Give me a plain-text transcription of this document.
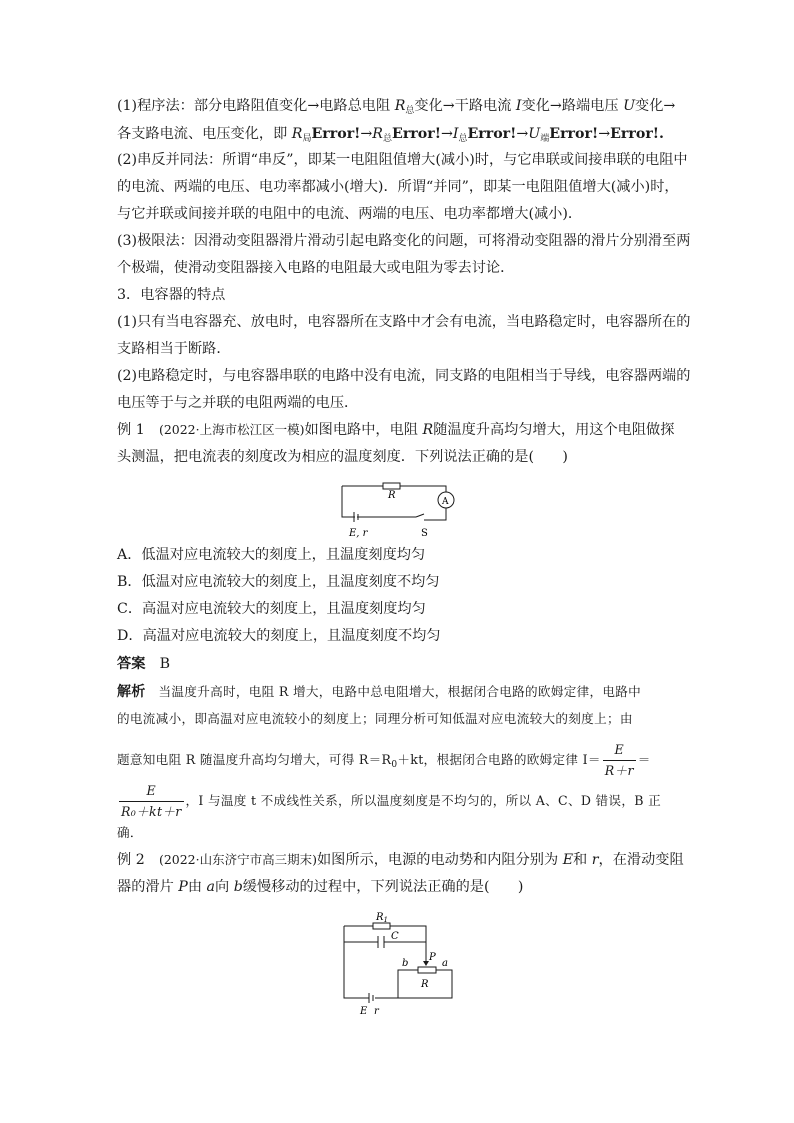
(1)程序法：部分电路阻值变化→电路总电阻 $R_总$变化→干路电流 I变化→路端电压 U变化→
各支路电流、电压变化，即 $R_局Error!\to R_总Error!\to I_总Error!\to U_端Error!\to Error$!.
(2)串反并同法：所谓“串反”，即某一电阻阻值增大(减小)时，与它串联或间接串联的电阻中
的电流、两端的电压、电功率都减小(增大)．所谓“并同”，即某一电阻阻值增大(减小)时，
与它并联或间接并联的电阻中的电流、两端的电压、电功率都增大(减小)．
(3)极限法：因滑动变阻器滑片滑动引起电路变化的问题，可将滑动变阻器的滑片分别滑至两
个极端，使滑动变阻器接入电路的电阻最大或电阻为零去讨论．
3．电容器的特点
(1)只有当电容器充、放电时，电容器所在支路中才会有电流，当电路稳定时，电容器所在的
支路相当于断路．
(2)电路稳定时，与电容器串联的电路中没有电流，同支路的电阻相当于导线，电容器两端的
电压等于与之并联的电阻两端的电压．
例 1　 (2022·上海市松江区一模)如图电路中，电阻 R随温度升高均匀增大，用这个电阻做探
头测温，把电流表的刻度改为相应的温度刻度．下列说法正确的是(　　)
R
A
E, r	S
A．低温对应电流较大的刻度上，且温度刻度均匀
B．低温对应电流较大的刻度上，且温度刻度不均匀
C．高温对应电流较大的刻度上，且温度刻度均匀
D．高温对应电流较大的刻度上，且温度刻度不均匀
答案　 B
解析　 当温度升高时，电阻 R 增大，电路中总电阻增大，根据闭合电路的欧姆定律，电路中
的电流减小，即高温对应电流较小的刻度上；同理分析可知低温对应电流较大的刻度上；由
题意知电阻 R 随温度升高均匀增大，可得 $R=R_0+kt$，根据闭合电路的欧姆定律 $I= \frac{E}{R+r}$ ＝
$\frac{E}{\text{R₀＋kt＋r}}$ ，I 与温度 t 不成线性关系，所以温度刻度是不均匀的，所以 A、C、D 错误，B 正
确．
例 2　 (2022·山东济宁市高三期末)如图所示，电源的电动势和内阻分别为 E和 r，在滑动变阻
器的滑片 P由 a向 b缓慢移动的过程中，下列说法正确的是(　　)
$R_1$
C
P
b	a
R
E r
